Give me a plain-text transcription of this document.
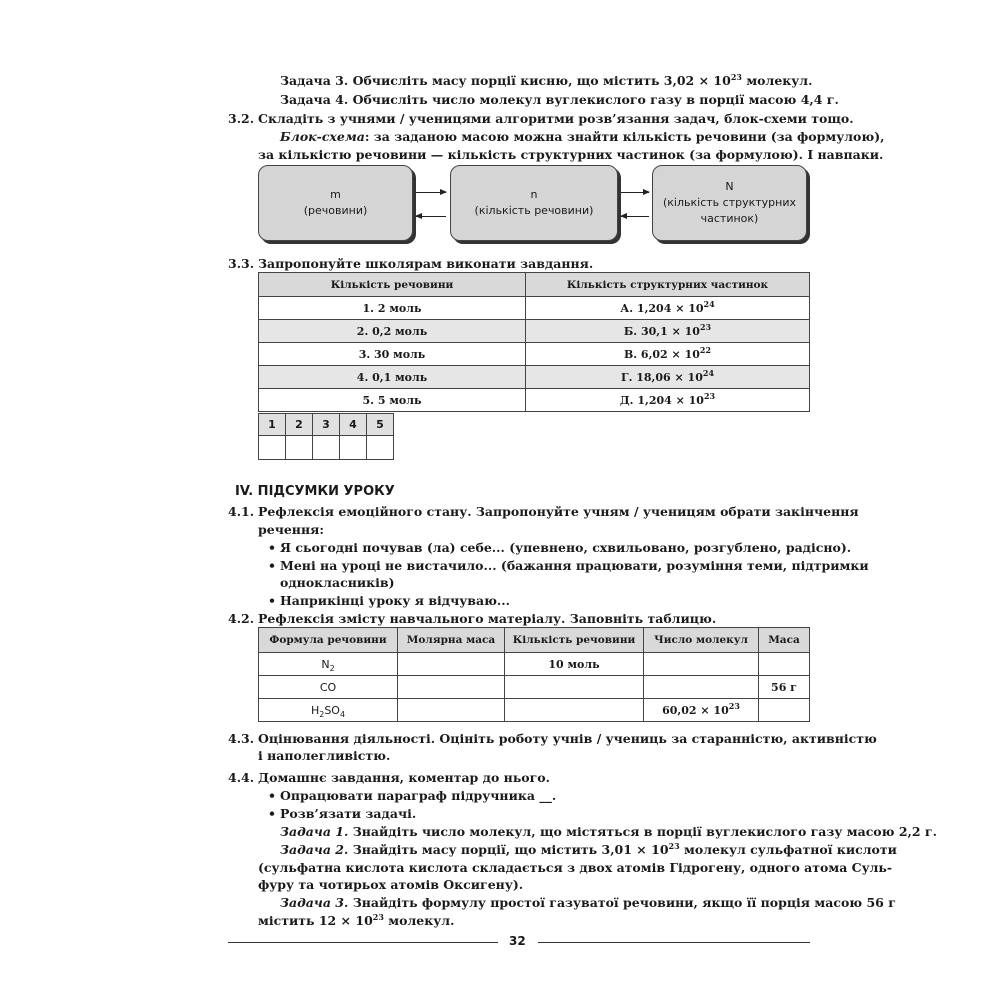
Задача 3. Обчисліть масу порції кисню, що містить $3,02 \times 10^{23}$ молекул.
Задача 4. Обчисліть число молекул вуглекислого газу в порції масою 4,4 г.
3.2. Складіть з учнями / ученицями алгоритми розв’язання задач, блок-схеми тощо.
Блок-схема: за заданою масою можна знайти кількість речовини (за формулою),
за кількістю речовини — кількість структурних частинок (за формулою). І навпаки.
m
(речовини)
n
(кількість речовини)
N
(кількість структурних
частинок)
3.3. Запропонуйте школярам виконати завдання.
Кількість речовини	Кількість структурних частинок
1. 2 моль	А. $1,204 \times 10^{24}$
2. 0,2 моль	Б. $30,1 \times 10^{23}$
3. 30 моль	В. $6,02 \times 10^{22}$
4. 0,1 моль	Г. $18,06 \times 10^{24}$
5. 5 моль	Д. $1,204 \times 10^{23}$
1	2	3	4	5

IV. ПІДСУМКИ УРОКУ
4.1. Рефлексія емоційного стану. Запропонуйте учням / ученицям обрати закінчення
речення:
• Я сьогодні почував (ла) себе... (упевнено, схвильовано, розгублено, радісно).
• Мені на уроці не вистачило... (бажання працювати, розуміння теми, підтримки
однокласників)
• Наприкінці уроку я відчуваю...
4.2. Рефлексія змісту навчального матеріалу. Заповніть таблицю.
Формула речовини	Молярна маса	Кількість речовини	Число молекул	Маса
$N_2$		10 моль		
CO				56 г
$H_2SO_4$			$60,02 \times 10^{23}$	
4.3. Оцінювання діяльності. Оцініть роботу учнів / учениць за старанністю, активністю
і наполегливістю.
4.4. Домашнє завдання, коментар до нього.
• Опрацювати параграф підручника __.
• Розв’язати задачі.
Задача 1. Знайдіть число молекул, що містяться в порції вуглекислого газу масою 2,2 г.
Задача 2. Знайдіть масу порції, що містить $3,01 \times 10^{23}$ молекул сульфатної кислоти
(сульфатна кислота кислота складається з двох атомів Гідрогену, одного атома Суль-
фуру та чотирьох атомів Оксигену).
Задача 3. Знайдіть формулу простої газуватої речовини, якщо її порція масою 56 г
містить $12 \times 10^{23}$ молекул.
32
